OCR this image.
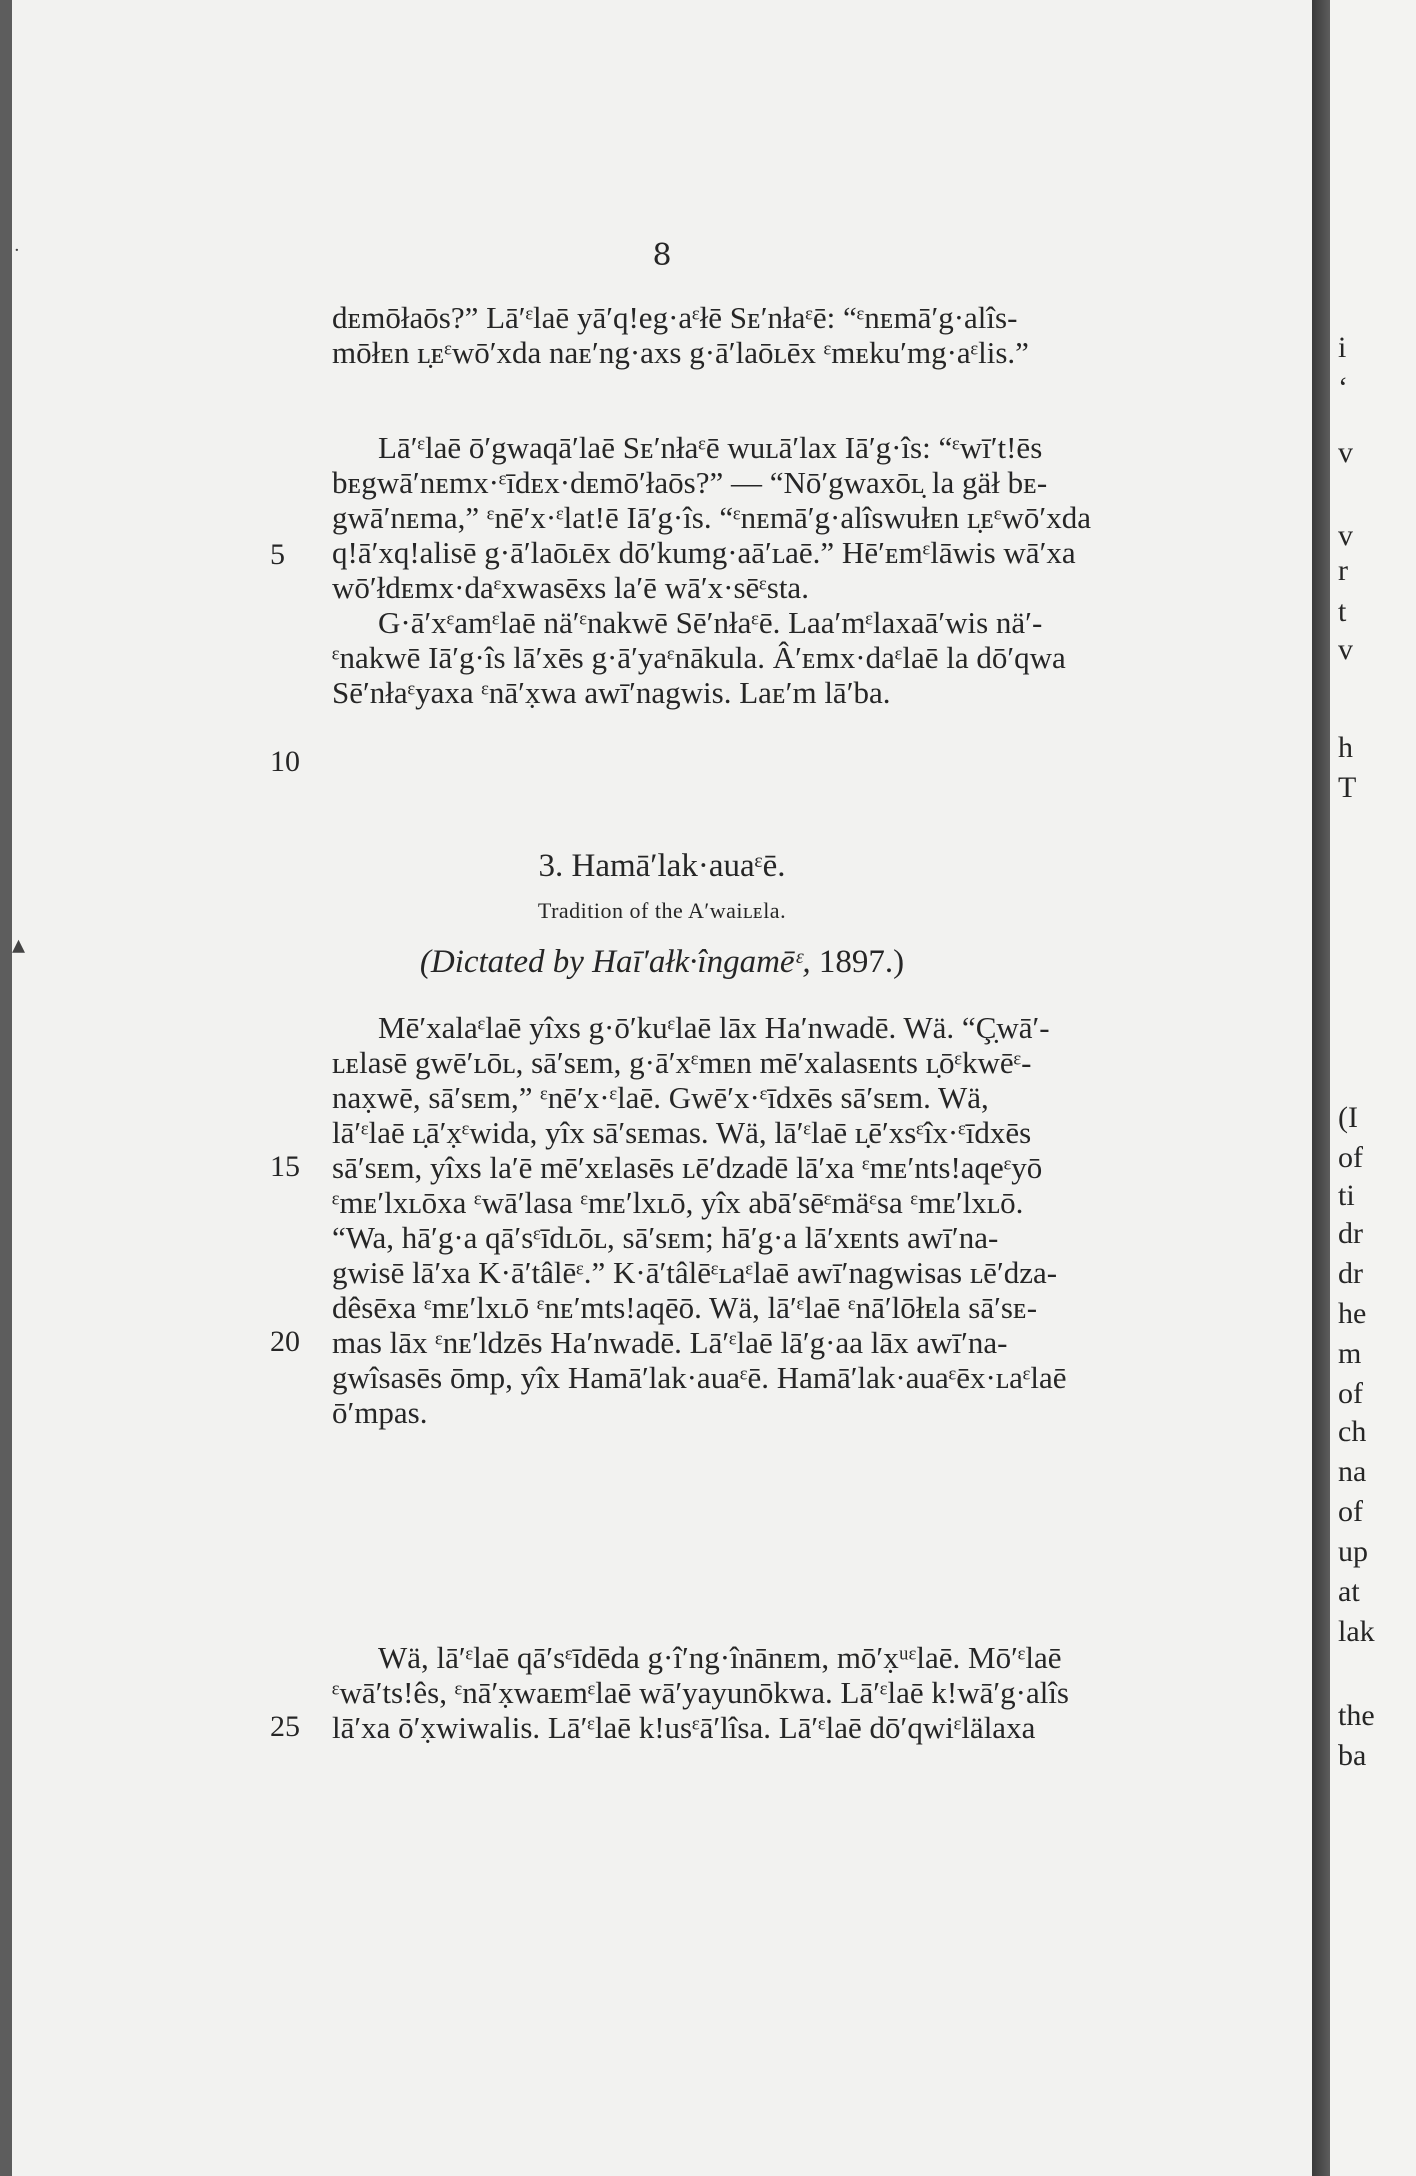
8
dᴇmōłaōs?” Lā′ᵋlaē yā′q!eg·aᵋłē Sᴇ′nłaᵋē: “ᵋnᴇmā′g·alîs-
mōłᴇn ʟ̣ᴇᵋwō′xda naᴇ′ng·axs g·ā′laōʟēx ᵋmᴇku′mg·aᵋlis.”
Lā′ᵋlaē ō′gwaqā′laē Sᴇ′nłaᵋē wuʟā′lax Iā′g·îs: “ᵋwī′t!ēs
bᴇgwā′nᴇmx·ᵋīdᴇx·dᴇmō′łaōs?” — “Nō′gwaxōʟ̣ la gäł bᴇ-
gwā′nᴇma,” ᵋnē′x·ᵋlat!ē Iā′g·îs. “ᵋnᴇmā′g·alîswułᴇn ʟ̣ᴇᵋwō′xda
q!ā′xq!alisē g·ā′laōʟēx dō′kumg·aā′ʟaē.” Hē′ᴇmᵋlāwis wā′xa
wō′łdᴇmx·daᵋxwasēxs la′ē wā′x·sēᵋsta.
G·ā′xᵋamᵋlaē nä′ᵋnakwē Sē′nłaᵋē. Laa′mᵋlaxaā′wis nä′-
ᵋnakwē Iā′g·îs lā′xēs g·ā′yaᵋnākula. Â′ᴇmx·daᵋlaē la dō′qwa
Sē′nłaᵋyaxa ᵋnā′x̣wa awī′nagwis. Laᴇ′m lā′ba.
5
10
3. Hamā′lak·auaᵋē.
Tradition of the A′waiʟᴇla.
(Dictated by Haī′ałk·îngamēᵋ, 1897.)
Mē′xalaᵋlaē yîxs g·ō′kuᵋlaē lāx Ha′nwadē. Wä. “Ç̣wā′-
ʟᴇlasē g̣wē′ʟōʟ, sā′sᴇm, g·ā′xᵋmᴇn mē′xalasᴇnts ʟ̣ōᵋkwēᵋ-
nax̣wē, sā′sᴇm,” ᵋnē′x·ᵋlaē. Gwē′x·ᵋīdxēs sā′sᴇm. Wä,
lā′ᵋlaē ʟ̣ā′x̣ᵋwida, yîx sā′sᴇmas. Wä, lā′ᵋlaē ʟ̣ē′xsᵋîx·ᵋīdxēs
sā′sᴇm, yîxs la′ē mē′xᴇlasēs ʟē′dzadē lā′xa ᵋmᴇ′nts!aqeᵋyō
ᵋmᴇ′lxʟōxa ᵋwā′lasa ᵋmᴇ′lxʟō, yîx abā′sēᵋmäᵋsa ᵋmᴇ′lxʟō.
“Wa, hā′g·a qā′sᵋīdʟōʟ, sā′sᴇm; hā′g·a lā′xᴇnts awī′na-
gwisē lā′xa K·ā′tâlēᵋ.” K·ā′tâlēᵋʟaᵋlaē awī′nagwisas ʟē′dza-
dêsēxa ᵋmᴇ′lxʟō ᵋnᴇ′mts!aqēō. Wä, lā′ᵋlaē ᵋnā′lōłᴇla sā′sᴇ-
mas lāx ᵋnᴇ′ldzēs Ha′nwadē. Lā′ᵋlaē lā′g·aa lāx awī′na-
gwîsasēs ōmp, yîx Hamā′lak·auaᵋē. Hamā′lak·auaᵋēx·ʟaᵋlaē
ō′mpas.
15
20
Wä, lā′ᵋlaē qā′sᵋīdēda g·î′ng·înānᴇm, mō′x̣ᵘᵋlaē. Mō′ᵋlaē
ᵋwā′ts!ês, ᵋnā′x̣waᴇmᵋlaē wā′yayunōkwa. Lā′ᵋlaē k!wā′g·alîs
lā′xa ō′x̣wiwalis. Lā′ᵋlaē k!usᵋā′lîsa. Lā′ᵋlaē dō′qwiᵋlälaxa
25
·
▴
i
‘
v
v
r
t
v
h
T
(I
of
ti
dr
dr
he
m
of
ch
na
of
up
at
lak
the
ba
